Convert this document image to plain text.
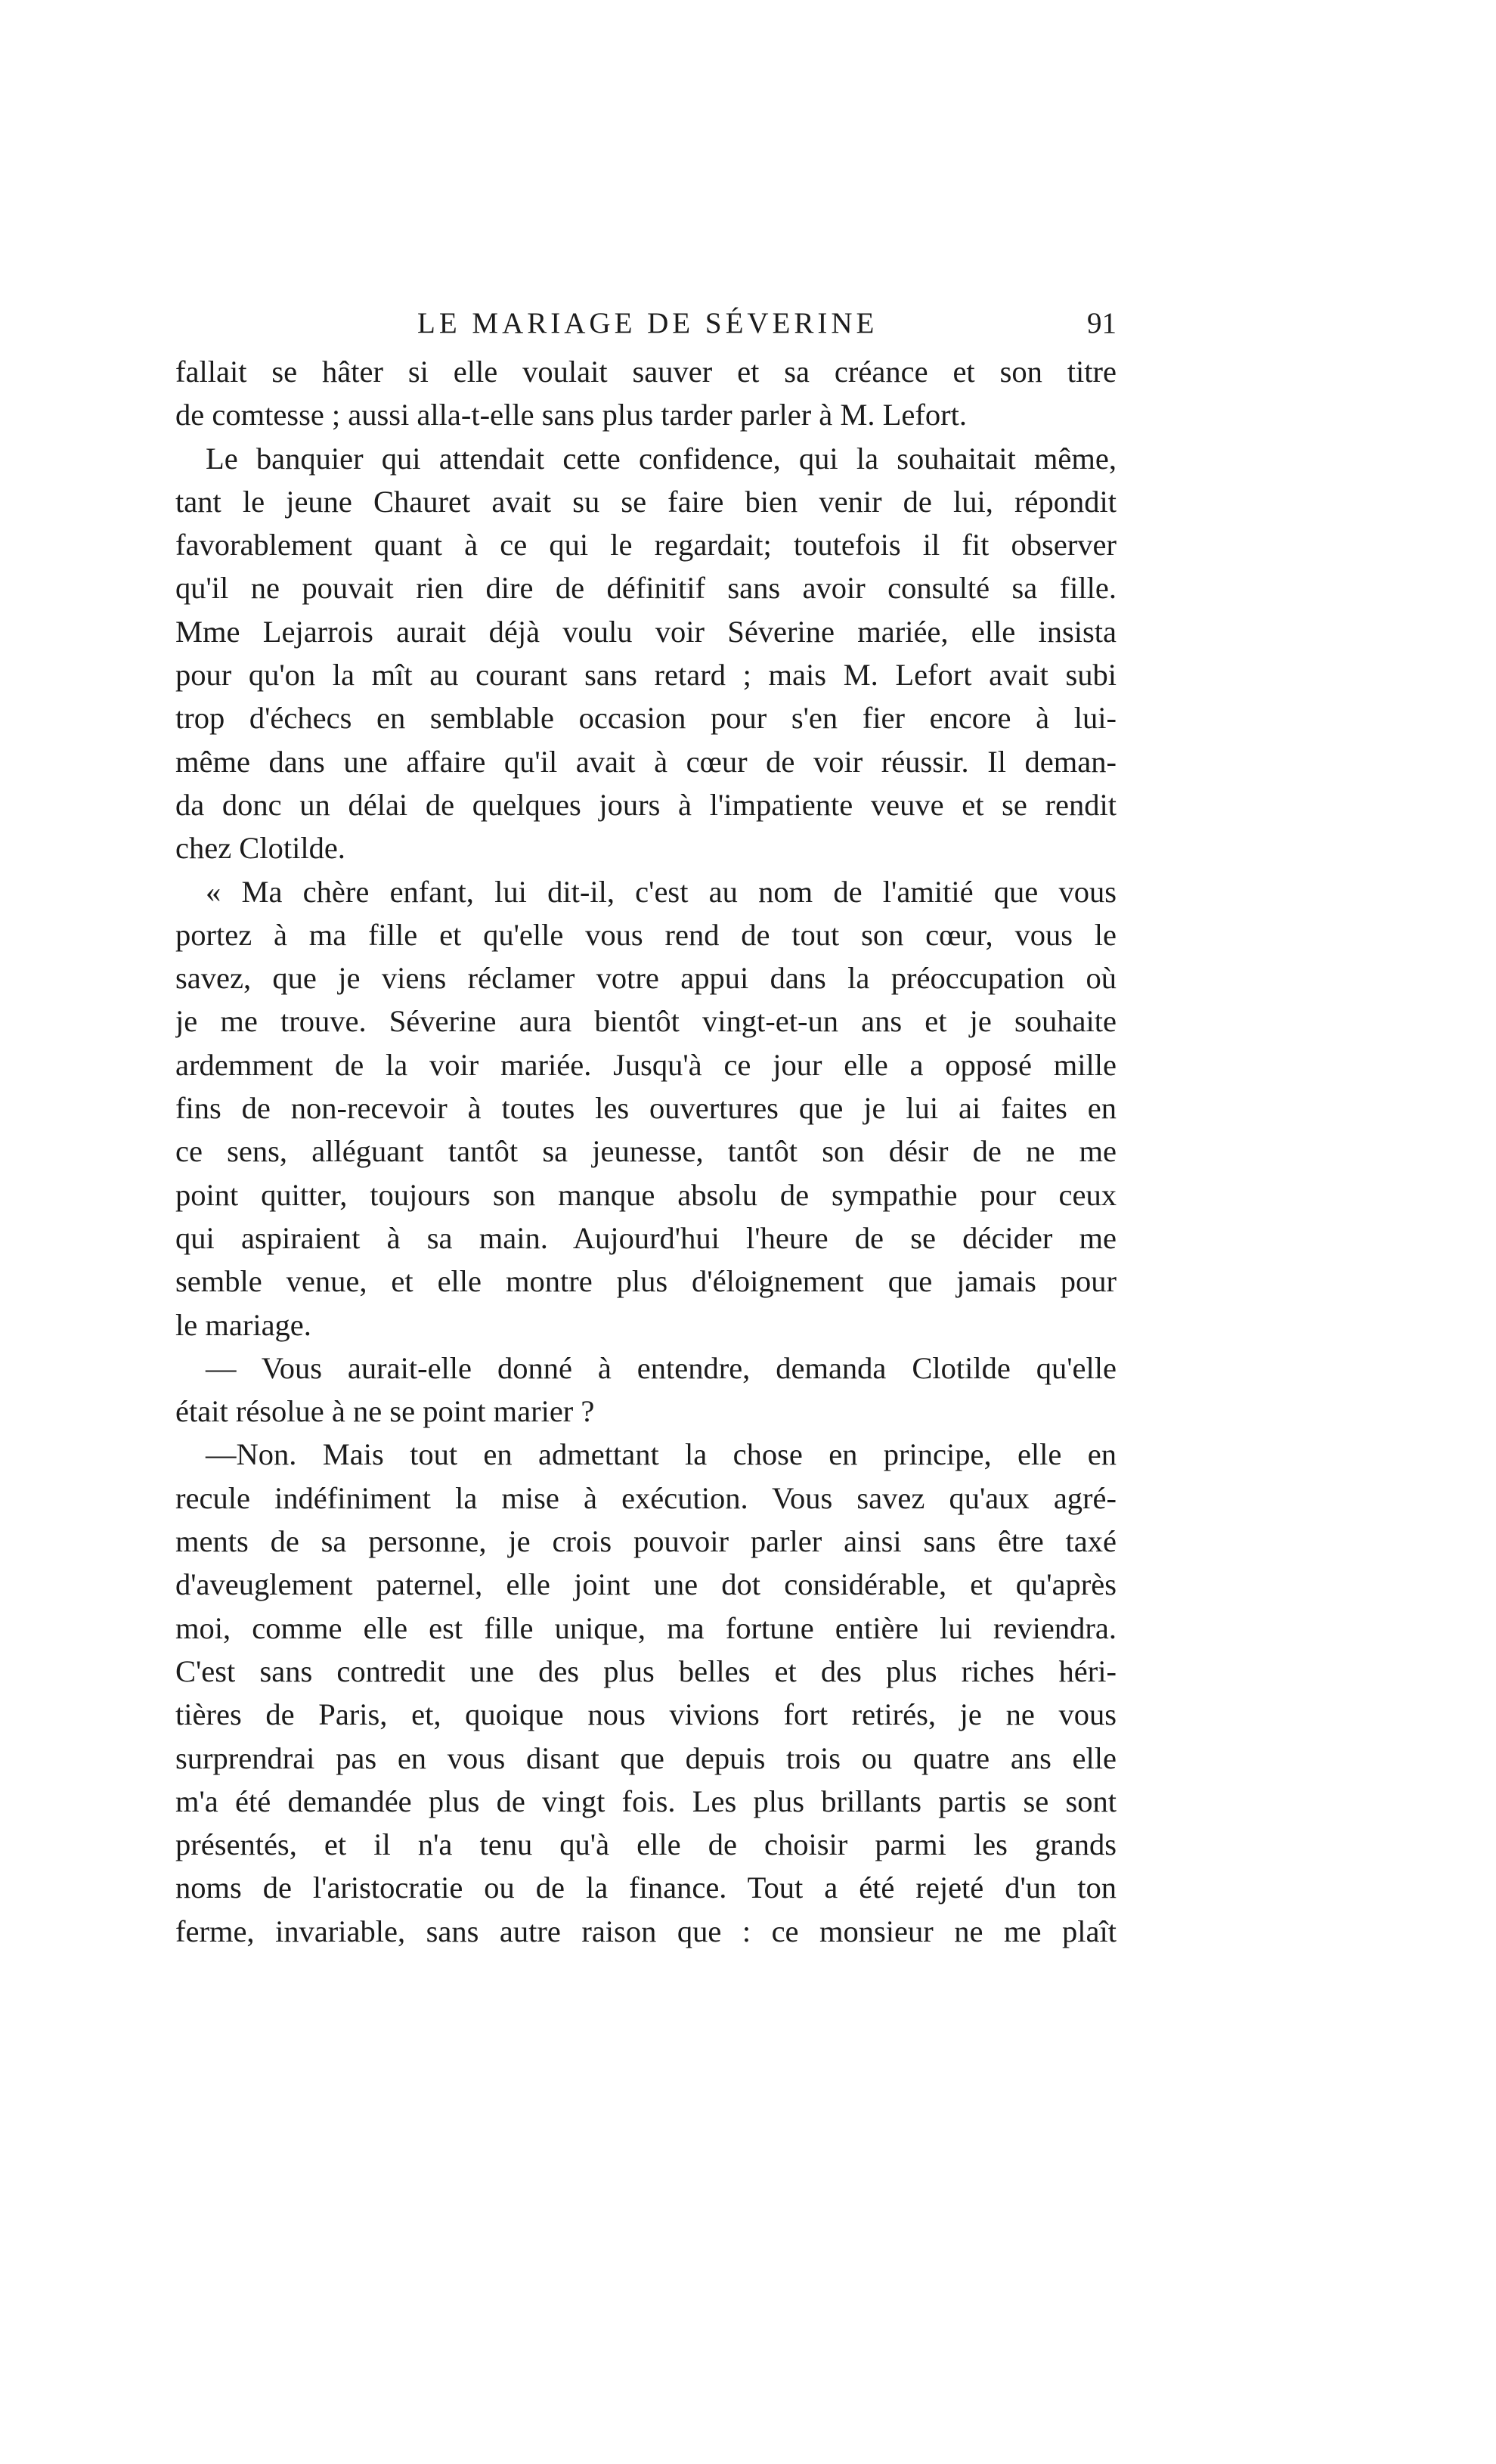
LE MARIAGE DE SÉVERINE	91
fallait se hâter si elle voulait sauver et sa créance et son titre
de comtesse ; aussi alla-t-elle sans plus tarder parler à M. Lefort.
Le banquier qui attendait cette confidence, qui la souhaitait même,
tant le jeune Chauret avait su se faire bien venir de lui, répondit
favorablement quant à ce qui le regardait; toutefois il fit observer
qu'il ne pouvait rien dire de définitif sans avoir consulté sa fille.
Mme Lejarrois aurait déjà voulu voir Séverine mariée, elle insista
pour qu'on la mît au courant sans retard ; mais M. Lefort avait subi
trop d'échecs en semblable occasion pour s'en fier encore à lui-
même dans une affaire qu'il avait à cœur de voir réussir. Il deman-
da donc un délai de quelques jours à l'impatiente veuve et se rendit
chez Clotilde.
« Ma chère enfant, lui dit-il, c'est au nom de l'amitié que vous
portez à ma fille et qu'elle vous rend de tout son cœur, vous le
savez, que je viens réclamer votre appui dans la préoccupation où
je me trouve. Séverine aura bientôt vingt-et-un ans et je souhaite
ardemment de la voir mariée. Jusqu'à ce jour elle a opposé mille
fins de non-recevoir à toutes les ouvertures que je lui ai faites en
ce sens, alléguant tantôt sa jeunesse, tantôt son désir de ne me
point quitter, toujours son manque absolu de sympathie pour ceux
qui aspiraient à sa main. Aujourd'hui l'heure de se décider me
semble venue, et elle montre plus d'éloignement que jamais pour
le mariage.
— Vous aurait-elle donné à entendre, demanda Clotilde qu'elle
était résolue à ne se point marier ?
—Non. Mais tout en admettant la chose en principe, elle en
recule indéfiniment la mise à exécution. Vous savez qu'aux agré-
ments de sa personne, je crois pouvoir parler ainsi sans être taxé
d'aveuglement paternel, elle joint une dot considérable, et qu'après
moi, comme elle est fille unique, ma fortune entière lui reviendra.
C'est sans contredit une des plus belles et des plus riches héri-
tières de Paris, et, quoique nous vivions fort retirés, je ne vous
surprendrai pas en vous disant que depuis trois ou quatre ans elle
m'a été demandée plus de vingt fois. Les plus brillants partis se sont
présentés, et il n'a tenu qu'à elle de choisir parmi les grands
noms de l'aristocratie ou de la finance. Tout a été rejeté d'un ton
ferme, invariable, sans autre raison que : ce monsieur ne me plaît
